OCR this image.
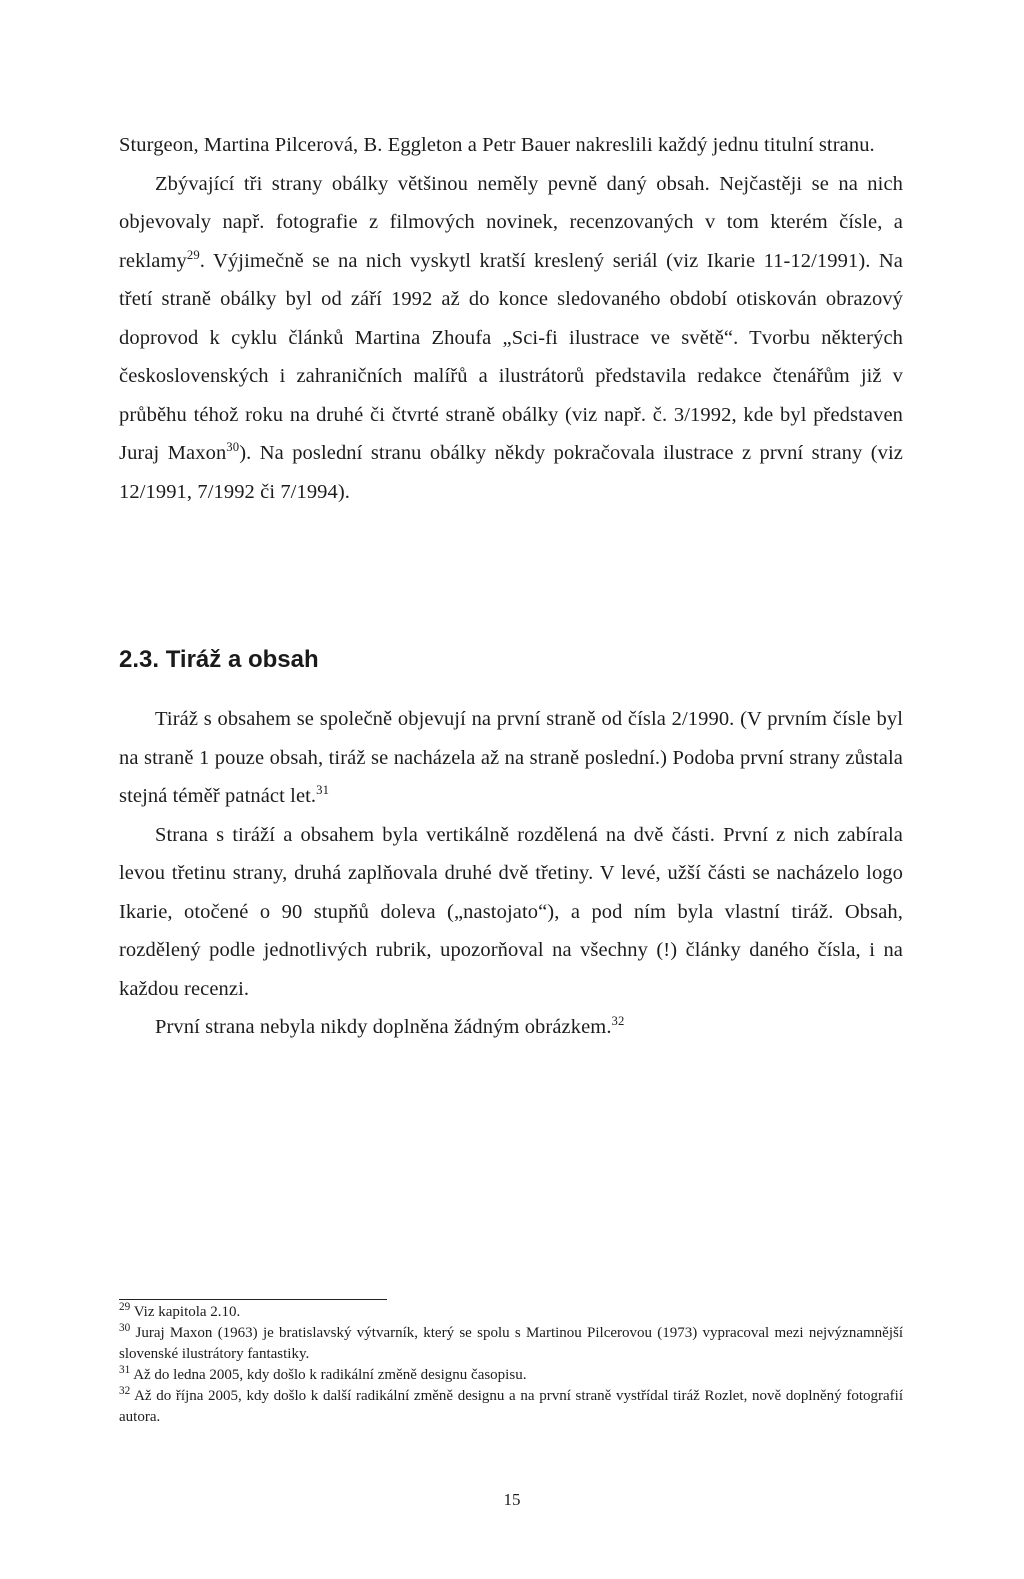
Sturgeon, Martina Pilcerová, B. Eggleton a Petr Bauer nakreslili každý jednu titulní stranu.

Zbývající tři strany obálky většinou neměly pevně daný obsah. Nejčastěji se na nich objevovaly např. fotografie z filmových novinek, recenzovaných v tom kterém čísle, a reklamy$^{29}$. Výjimečně se na nich vyskytl kratší kreslený seriál (viz Ikarie 11-12/1991). Na třetí straně obálky byl od září 1992 až do konce sledovaného období otiskován obrazový doprovod k cyklu článků Martina Zhoufa „Sci-fi ilustrace ve světě“. Tvorbu některých československých i zahraničních malířů a ilustrátorů představila redakce čtenářům již v průběhu téhož roku na druhé či čtvrté straně obálky (viz např. č. 3/1992, kde byl představen Juraj Maxon$^{30}$). Na poslední stranu obálky někdy pokračovala ilustrace z první strany (viz 12/1991, 7/1992 či 7/1994).

2.3. Tiráž a obsah

Tiráž s obsahem se společně objevují na první straně od čísla 2/1990. (V prvním čísle byl na straně 1 pouze obsah, tiráž se nacházela až na straně poslední.) Podoba první strany zůstala stejná téměř patnáct let.$^{31}$

Strana s tiráží a obsahem byla vertikálně rozdělená na dvě části. První z nich zabírala levou třetinu strany, druhá zaplňovala druhé dvě třetiny. V levé, užší části se nacházelo logo Ikarie, otočené o 90 stupňů doleva („nastojato“), a pod ním byla vlastní tiráž. Obsah, rozdělený podle jednotlivých rubrik, upozorňoval na všechny (!) články daného čísla, i na každou recenzi.

První strana nebyla nikdy doplněna žádným obrázkem.$^{32}$

$^{29}$ Viz kapitola 2.10.

$^{30}$ Juraj Maxon (1963) je bratislavský výtvarník, který se spolu s Martinou Pilcerovou (1973) vypracoval mezi nejvýznamnější slovenské ilustrátory fantastiky.

$^{31}$ Až do ledna 2005, kdy došlo k radikální změně designu časopisu.

$^{32}$ Až do října 2005, kdy došlo k další radikální změně designu a na první straně vystřídal tiráž Rozlet, nově doplněný fotografií autora.

15
